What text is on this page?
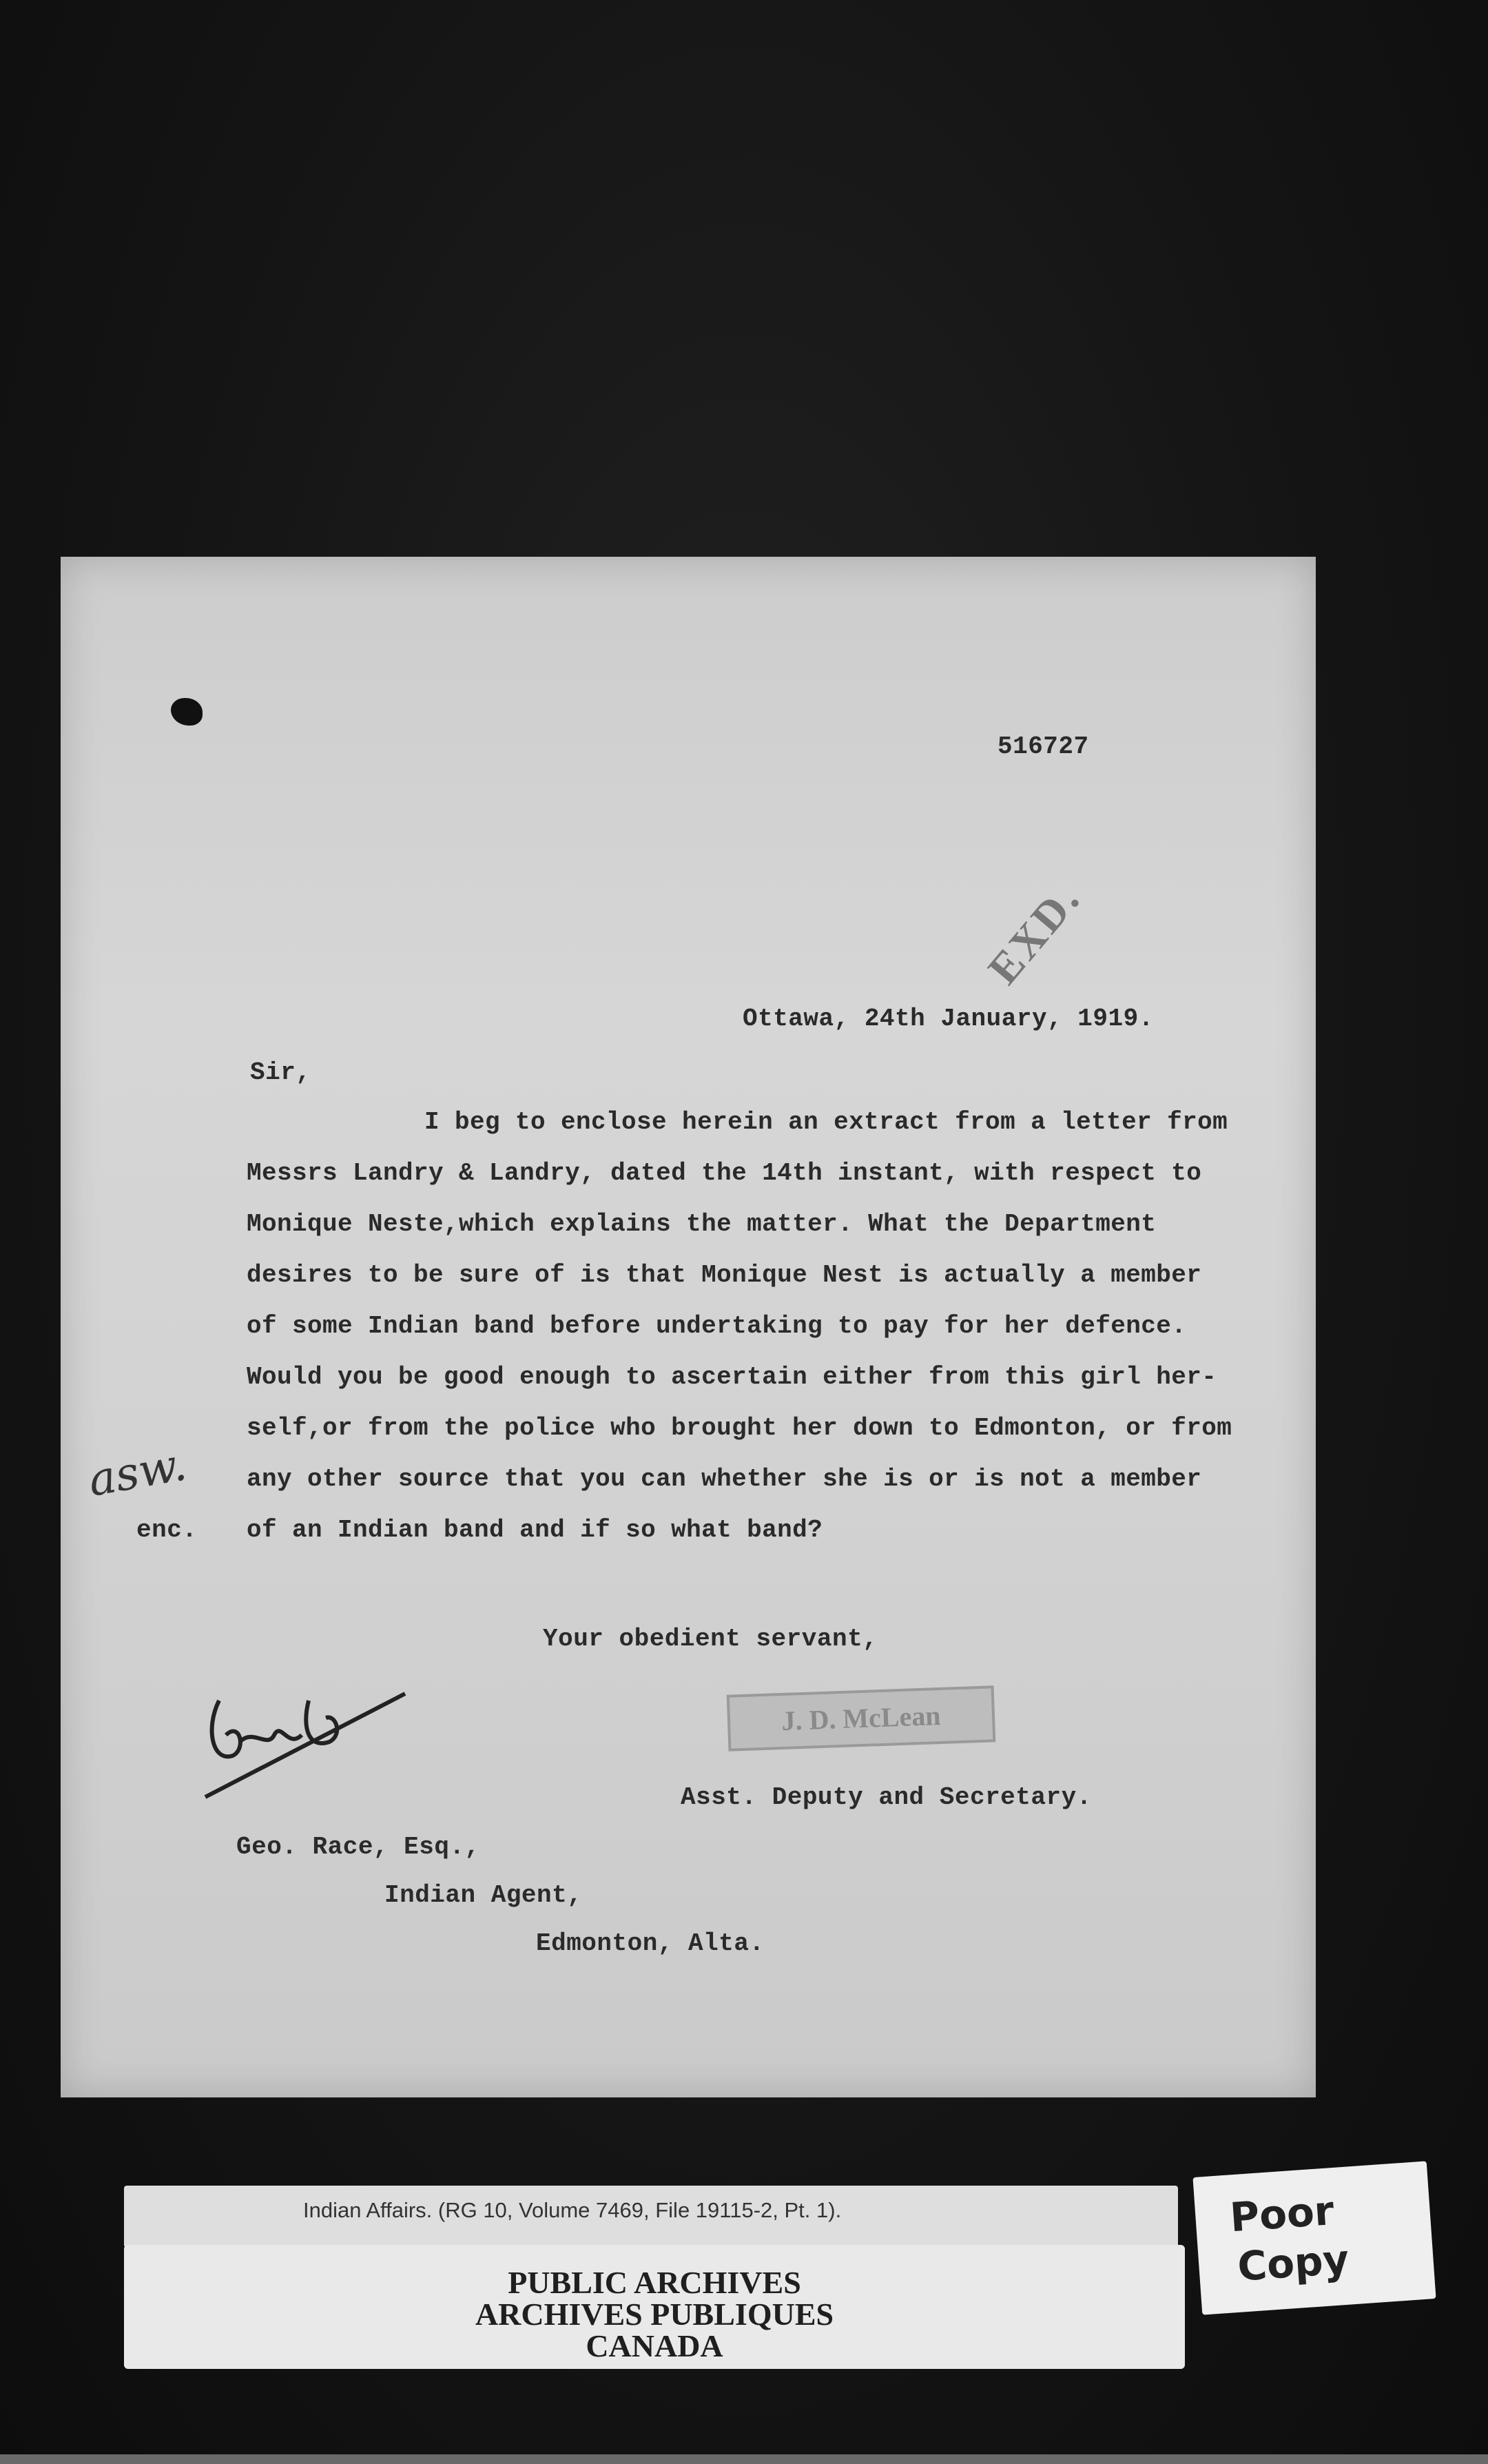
516727
EXD.
Ottawa, 24th January, 1919.
Sir,
I beg to enclose herein an extract from a letter from
Messrs Landry & Landry, dated the 14th instant, with respect to
Monique Neste,which explains the matter. What the Department
desires to be sure of is that Monique Nest is actually a member
of some Indian band before undertaking to pay for her defence.
Would you be good enough to ascertain either from this girl her-
self,or from the police who brought her down to Edmonton, or from
any other source that you can whether she is or is not a member
of an Indian band and if so what band?
asw.
enc.
Your obedient servant,
J. D. McLean
Asst. Deputy and Secretary.
Geo. Race, Esq.,
Indian Agent,
Edmonton, Alta.
Indian Affairs. (RG 10, Volume 7469, File 19115-2, Pt. 1).
PUBLIC ARCHIVES
ARCHIVES PUBLIQUES
CANADA
Poor
Copy
